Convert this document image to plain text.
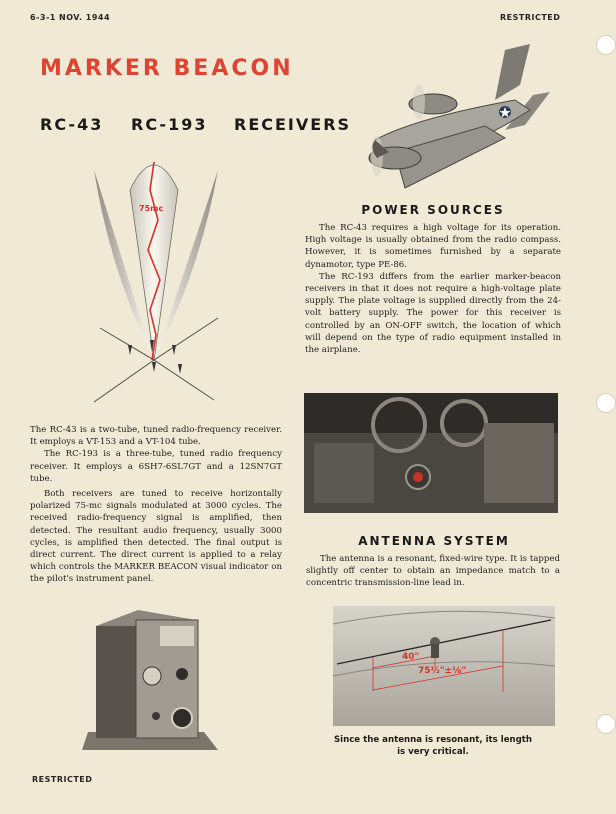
6-3-1 NOV. 1944	RESTRICTED
MARKER BEACON
RC-43 RC-193 RECEIVERS
75mc	POWER SOURCES

The RC-43 requires a high voltage for its operation. High voltage is usually obtained from the radio compass. However, it is sometimes furnished by a separate dynamotor, type PE-86.

The RC-193 differs from the earlier marker-beacon receivers in that it does not require a high-voltage plate supply. The plate voltage is supplied directly from the 24-volt battery supply. The power for this receiver is controlled by an ON-OFF switch, the location of which will depend on the type of radio equipment installed in the airplane.

The RC-43 is a two-tube, tuned radio-frequency receiver. It employs a VT-153 and a VT-104 tube.

The RC-193 is a three-tube, tuned radio frequency receiver. It employs a 6SH7-6SL7GT and a 12SN7GT tube.

Both receivers are tuned to receive horizontally polarized 75-mc signals modulated at 3000 cycles. The received radio-frequency signal is amplified, then detected. The resultant audio frequency, usually 3000 cycles, is amplified then detected. The final output is direct current. The direct current is applied to a relay which controls the MARKER BEACON visual indicator on the pilot's instrument panel.

ANTENNA SYSTEM

The antenna is a resonant, fixed-wire type. It is tapped slightly off center to obtain an impedance match to a concentric transmission-line lead in.

40"
75½"±⅛"
Since the antenna is resonant, its length
is very critical.
RESTRICTED
